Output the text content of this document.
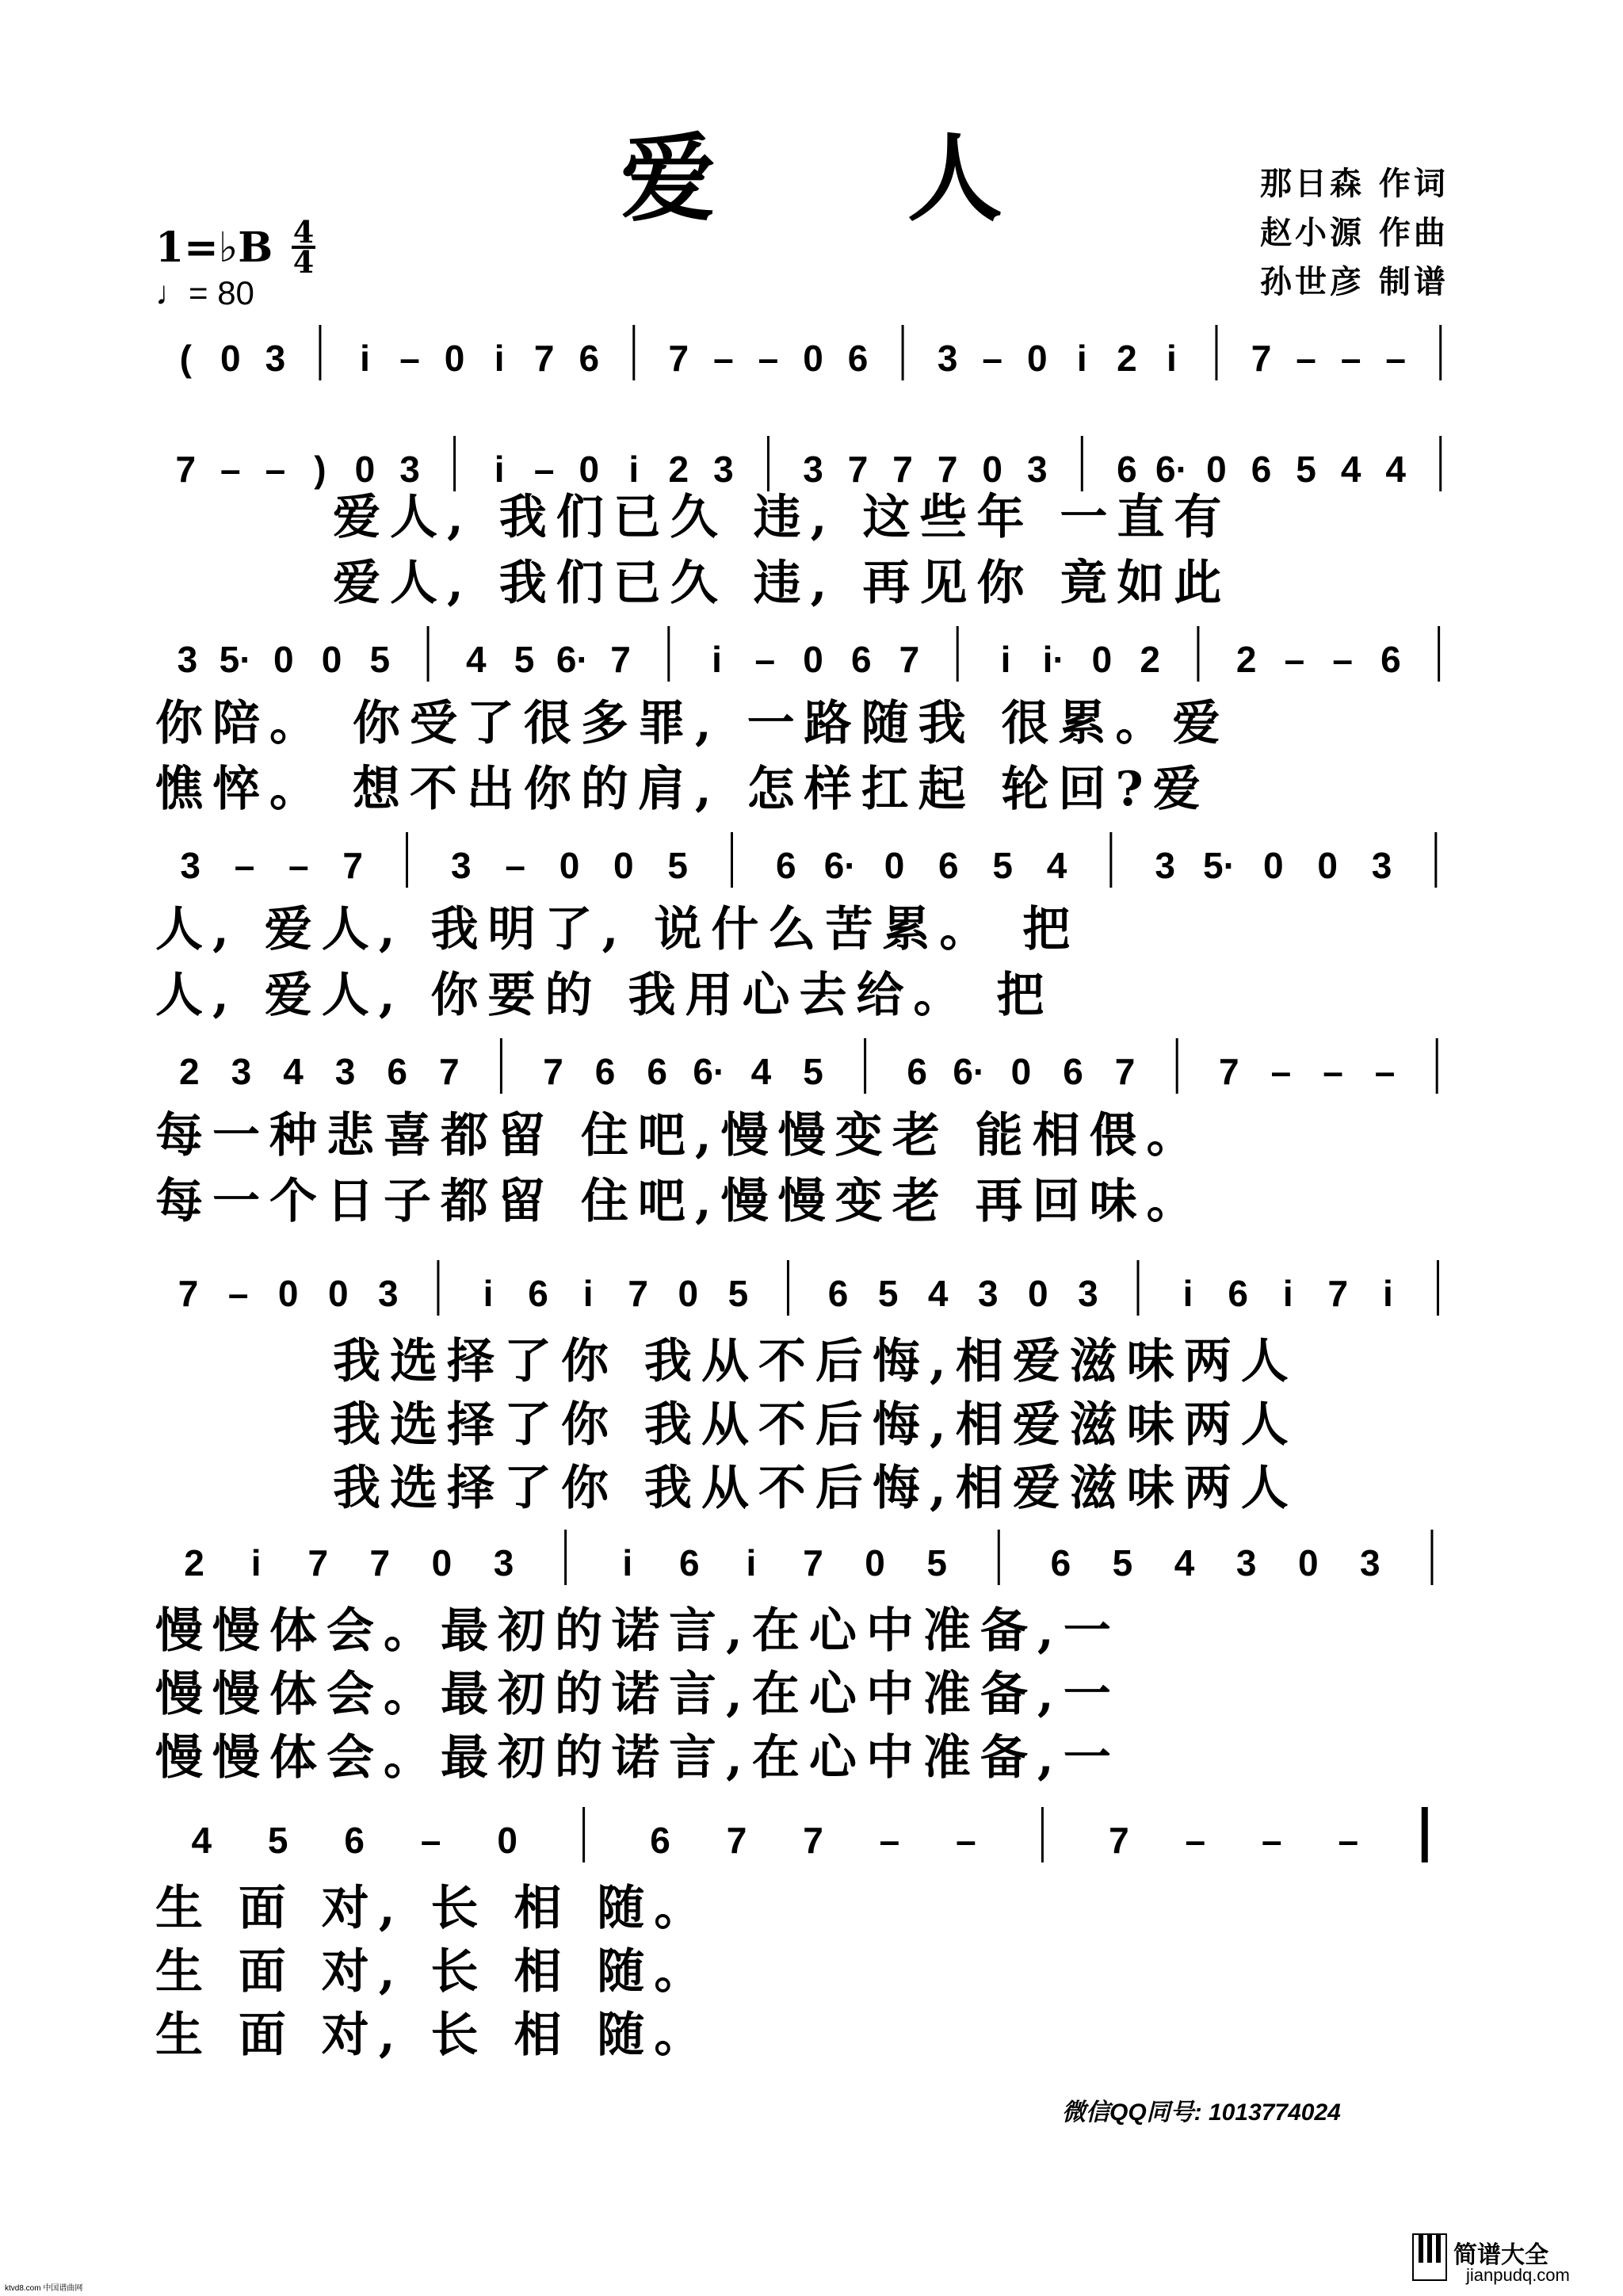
爱 人	那日森 作词
赵小源 作曲
孙世彦 制谱
1=♭B 4
4
♩= 80
( 0 3 i – 0 i 7 6 7 – – 0 6 3 – 0 i 2 i 7 – – –
7 – – ) 0 3 i – 0 i 2 3 3 7 7 7 0 3 6 6· 0 6 5 4 4
爱人, 我们已久 违, 这些年 一直有
爱人, 我们已久 违, 再见你 竟如此
3 5· 0 0 5 4 5 6· 7 i – 0 6 7 i i· 0 2 2 – – 6
你陪。 你受了很多罪, 一路随我 很累。爱
憔悴。 想不出你的肩, 怎样扛起 轮回?爱
3 – – 7 3 – 0 0 5 6 6· 0 6 5 4 3 5· 0 0 3
人, 爱人, 我明了, 说什么苦累。 把
人, 爱人, 你要的 我用心去给。 把
2 3 4 3 6 7 7 6 6 6· 4 5 6 6· 0 6 7 7 – – –
每一种悲喜都留 住吧,慢慢变老 能相偎。
每一个日子都留 住吧,慢慢变老 再回味。
7 – 0 0 3 i 6 i 7 0 5 6 5 4 3 0 3 i 6 i 7 i
我选择了你 我从不后悔,相爱滋味两人
我选择了你 我从不后悔,相爱滋味两人
我选择了你 我从不后悔,相爱滋味两人
2 i 7 7 0 3	i 6 i 7 0 5	6 5 4 3 0 3
慢慢体会。最初的诺言,在心中准备,一
慢慢体会。最初的诺言,在心中准备,一
慢慢体会。最初的诺言,在心中准备,一
4 5 6 – 0	6 7 7 – –	7 – – –
生 面 对, 长 相 随。
生 面 对, 长 相 随。
生 面 对, 长 相 随。
微信QQ同号: 1013774024
简谱大全
jianpudq.com
ktvd8.com 中国谱曲网
